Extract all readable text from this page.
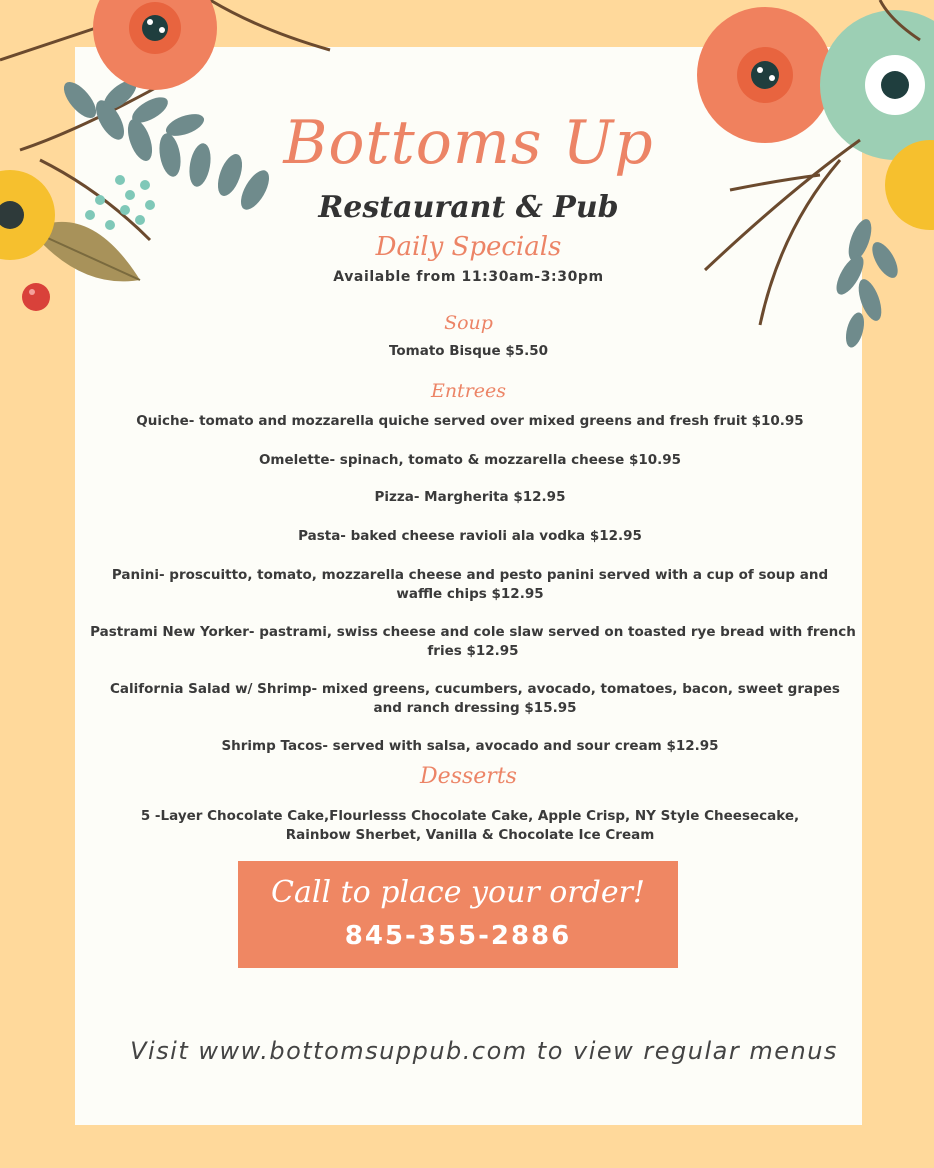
Bottoms Up
Restaurant & Pub
Daily Specials
Available from 11:30am-3:30pm
Soup
Tomato Bisque $5.50
Entrees
Quiche- tomato and mozzarella quiche served over mixed greens and fresh fruit $10.95
Omelette- spinach, tomato & mozzarella cheese $10.95
Pizza- Margherita $12.95
Pasta- baked cheese ravioli ala vodka $12.95
Panini- proscuitto, tomato, mozzarella cheese and pesto panini served with a cup of soup and waffle chips $12.95
Pastrami New Yorker- pastrami, swiss cheese and cole slaw served on toasted rye bread with french fries $12.95
California Salad w/ Shrimp- mixed greens, cucumbers, avocado, tomatoes, bacon, sweet grapes and ranch dressing $15.95
Shrimp Tacos- served with salsa, avocado and sour cream $12.95
Desserts
5 -Layer Chocolate Cake,Flourlesss Chocolate Cake, Apple Crisp, NY Style Cheesecake, Rainbow Sherbet, Vanilla & Chocolate Ice Cream
Call to place your order!
845-355-2886
Visit www.bottomsuppub.com to view regular menus
